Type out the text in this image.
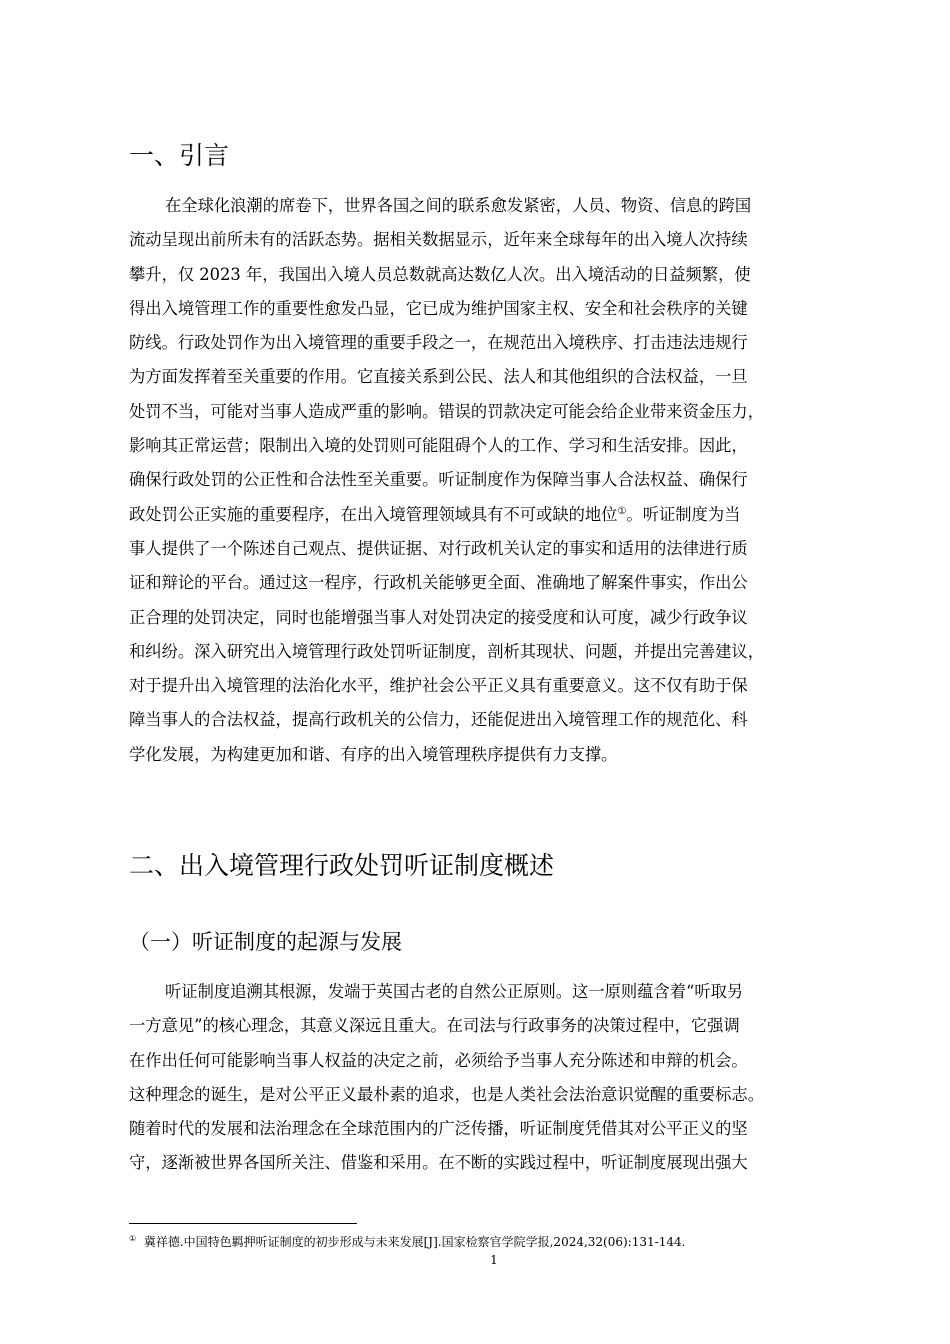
一、引言
在全球化浪潮的席卷下，世界各国之间的联系愈发紧密，人员、物资、信息的跨国
流动呈现出前所未有的活跃态势。据相关数据显示，近年来全球每年的出入境人次持续
攀升，仅 2023 年，我国出入境人员总数就高达数亿人次。出入境活动的日益频繁，使
得出入境管理工作的重要性愈发凸显，它已成为维护国家主权、安全和社会秩序的关键
防线。行政处罚作为出入境管理的重要手段之一，在规范出入境秩序、打击违法违规行
为方面发挥着至关重要的作用。它直接关系到公民、法人和其他组织的合法权益，一旦
处罚不当，可能对当事人造成严重的影响。错误的罚款决定可能会给企业带来资金压力，
影响其正常运营；限制出入境的处罚则可能阻碍个人的工作、学习和生活安排。因此，
确保行政处罚的公正性和合法性至关重要。听证制度作为保障当事人合法权益、确保行
政处罚公正实施的重要程序，在出入境管理领域具有不可或缺的地位①。听证制度为当
事人提供了一个陈述自己观点、提供证据、对行政机关认定的事实和适用的法律进行质
证和辩论的平台。通过这一程序，行政机关能够更全面、准确地了解案件事实，作出公
正合理的处罚决定，同时也能增强当事人对处罚决定的接受度和认可度，减少行政争议
和纠纷。深入研究出入境管理行政处罚听证制度，剖析其现状、问题，并提出完善建议，
对于提升出入境管理的法治化水平，维护社会公平正义具有重要意义。这不仅有助于保
障当事人的合法权益，提高行政机关的公信力，还能促进出入境管理工作的规范化、科
学化发展，为构建更加和谐、有序的出入境管理秩序提供有力支撑。
二、出入境管理行政处罚听证制度概述
（一）听证制度的起源与发展
听证制度追溯其根源，发端于英国古老的自然公正原则。这一原则蕴含着“听取另
一方意见”的核心理念，其意义深远且重大。在司法与行政事务的决策过程中，它强调
在作出任何可能影响当事人权益的决定之前，必须给予当事人充分陈述和申辩的机会。
这种理念的诞生，是对公平正义最朴素的追求，也是人类社会法治意识觉醒的重要标志。
随着时代的发展和法治理念在全球范围内的广泛传播，听证制度凭借其对公平正义的坚
守，逐渐被世界各国所关注、借鉴和采用。在不断的实践过程中，听证制度展现出强大
① 冀祥德.中国特色羁押听证制度的初步形成与未来发展[J].国家检察官学院学报,2024,32(06):131-144.
1
